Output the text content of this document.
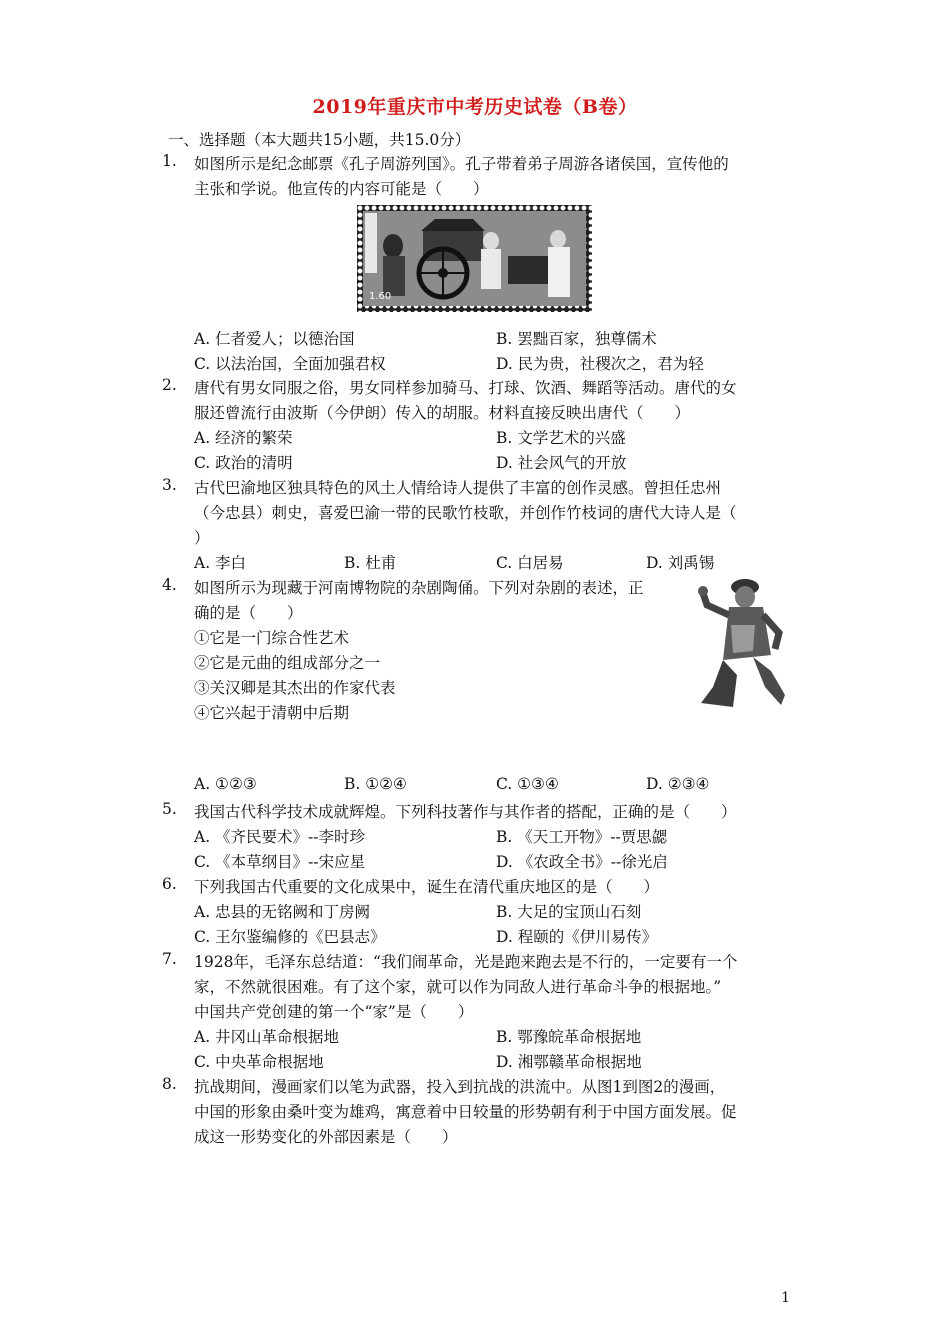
2019年重庆市中考历史试卷（B卷）
一、选择题（本大题共15小题，共15.0分）
1.	如图所示是纪念邮票《孔子周游列国》。孔子带着弟子周游各诸侯国，宣传他的
主张和学说。他宣传的内容可能是（　　）
1.60
A. 仁者爱人；以德治国	B. 罢黜百家，独尊儒术
C. 以法治国，全面加强君权	D. 民为贵，社稷次之，君为轻
2.	唐代有男女同服之俗，男女同样参加骑马、打球、饮酒、舞蹈等活动。唐代的女
服还曾流行由波斯（今伊朗）传入的胡服。材料直接反映出唐代（　　）
A. 经济的繁荣	B. 文学艺术的兴盛
C. 政治的清明	D. 社会风气的开放
3.	古代巴渝地区独具特色的风土人情给诗人提供了丰富的创作灵感。曾担任忠州
（今忠县）刺史，喜爱巴渝一带的民歌竹枝歌，并创作竹枝词的唐代大诗人是（
）
A. 李白	B. 杜甫	C. 白居易	D. 刘禹锡
4.	如图所示为现藏于河南博物院的杂剧陶俑。下列对杂剧的表述，正
确的是（　　）
①它是一门综合性艺术
②它是元曲的组成部分之一
③关汉卿是其杰出的作家代表
④它兴起于清朝中后期
A. ①②③	B. ①②④	C. ①③④	D. ②③④
5.	我国古代科学技术成就辉煌。下列科技著作与其作者的搭配，正确的是（　　）
A. 《齐民要术》--李时珍	B. 《天工开物》--贾思勰
C. 《本草纲目》--宋应星	D. 《农政全书》--徐光启
6.	下列我国古代重要的文化成果中，诞生在清代重庆地区的是（　　）
A. 忠县的无铭阙和丁房阙	B. 大足的宝顶山石刻
C. 王尔鉴编修的《巴县志》	D. 程颐的《伊川易传》
7.	1928年，毛泽东总结道：“我们闹革命，光是跑来跑去是不行的，一定要有一个
家，不然就很困难。有了这个家，就可以作为同敌人进行革命斗争的根据地。”
中国共产党创建的第一个“家”是（　　）
A. 井冈山革命根据地	B. 鄂豫皖革命根据地
C. 中央革命根据地	D. 湘鄂赣革命根据地
8.	抗战期间，漫画家们以笔为武器，投入到抗战的洪流中。从图1到图2的漫画，
中国的形象由桑叶变为雄鸡，寓意着中日较量的形势朝有利于中国方面发展。促
成这一形势变化的外部因素是（　　）
1
